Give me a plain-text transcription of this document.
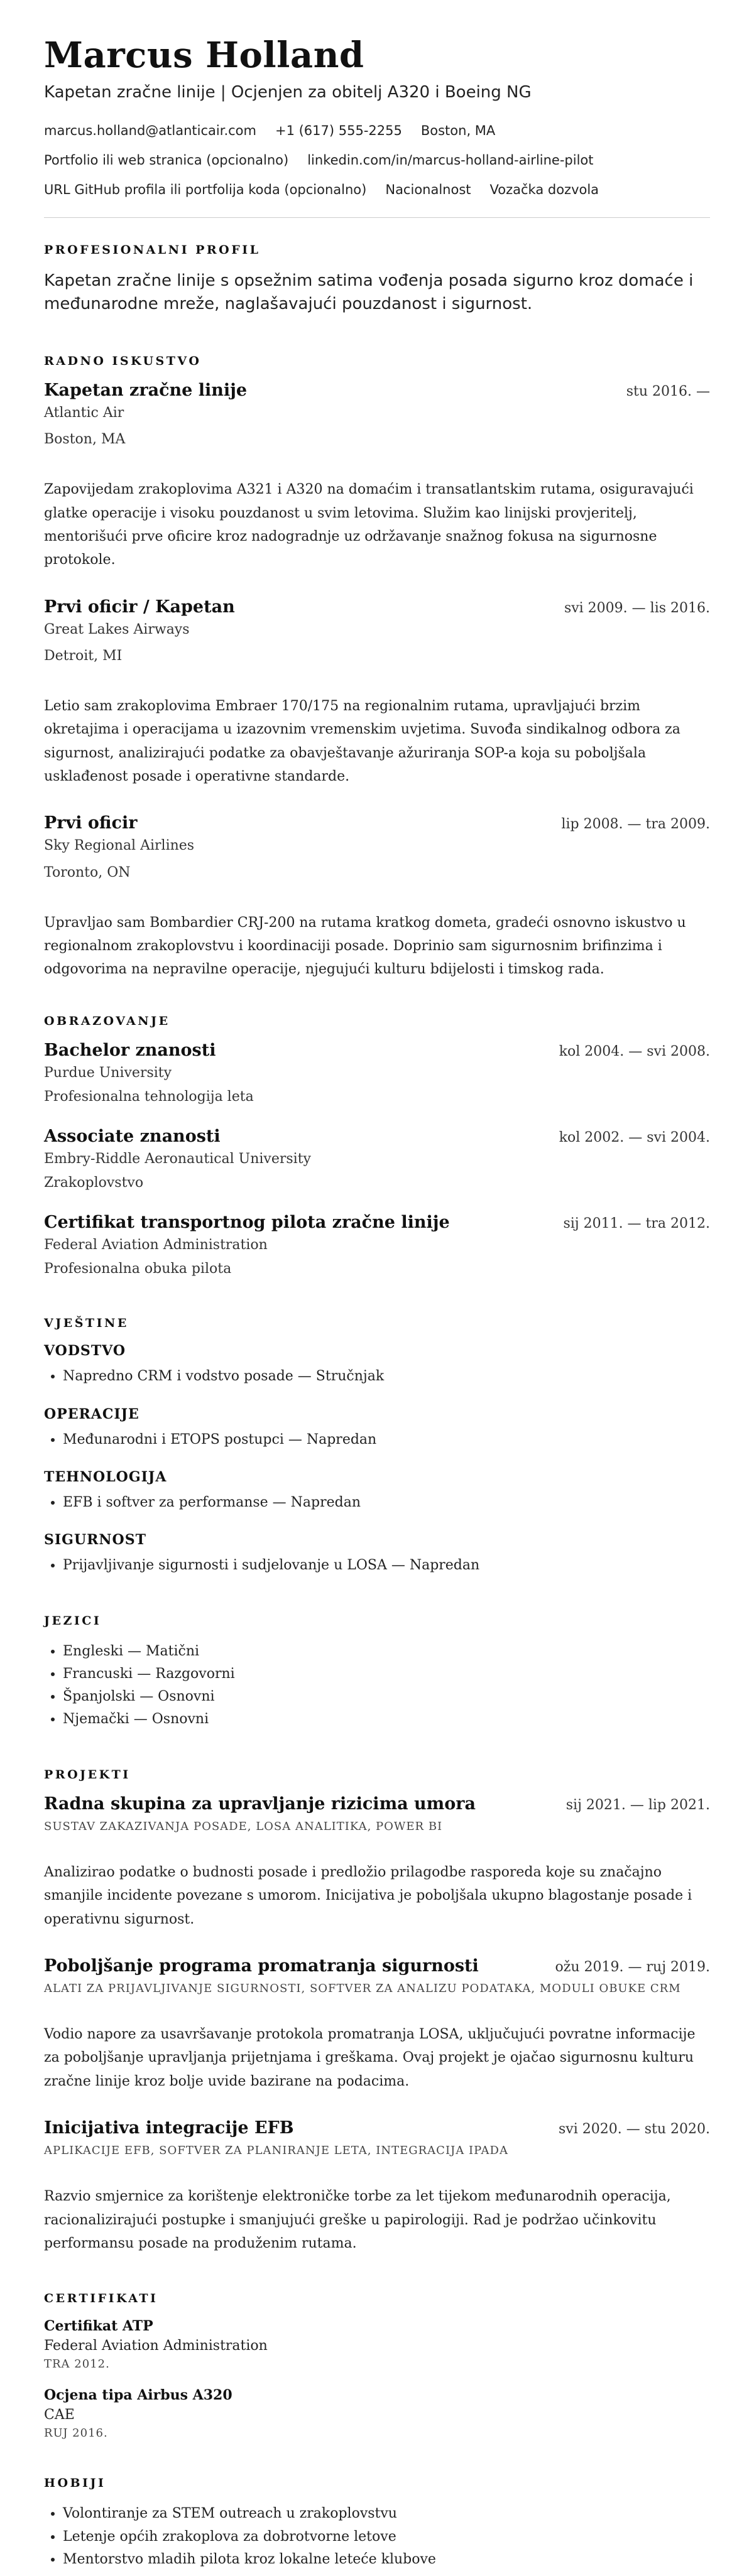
Marcus Holland
Kapetan zračne linije | Ocjenjen za obitelj A320 i Boeing NG
marcus.holland@atlanticair.com +1 (617) 555-2255 Boston, MA
Portfolio ili web stranica (opcionalno) linkedin.com/in/marcus-holland-airline-pilot
URL GitHub profila ili portfolija koda (opcionalno) Nacionalnost Vozačka dozvola
PROFESIONALNI PROFIL

Kapetan zračne linije s opsežnim satima vođenja posada sigurno kroz domaće i međunarodne mreže, naglašavajući pouzdanost i sigurnost.

RADNO ISKUSTVO
Kapetan zračne linije	stu 2016. —
Atlantic Air
Boston, MA

Zapovijedam zrakoplovima A321 i A320 na domaćim i transatlantskim rutama, osiguravajući glatke operacije i visoku pouzdanost u svim letovima. Služim kao linijski provjeritelj, mentorišući prve oficire kroz nadogradnje uz održavanje snažnog fokusa na sigurnosne protokole.

Prvi oficir / Kapetan	svi 2009. — lis 2016.
Great Lakes Airways
Detroit, MI

Letio sam zrakoplovima Embraer 170/175 na regionalnim rutama, upravljajući brzim okretajima i operacijama u izazovnim vremenskim uvjetima. Suvođa sindikalnog odbora za sigurnost, analizirajući podatke za obavještavanje ažuriranja SOP-a koja su poboljšala usklađenost posade i operativne standarde.

Prvi oficir	lip 2008. — tra 2009.
Sky Regional Airlines
Toronto, ON

Upravljao sam Bombardier CRJ-200 na rutama kratkog dometa, gradeći osnovno iskustvo u regionalnom zrakoplovstvu i koordinaciji posade. Doprinio sam sigurnosnim brifinzima i odgovorima na nepravilne operacije, njegujući kulturu bdijelosti i timskog rada.

OBRAZOVANJE
Bachelor znanosti	kol 2004. — svi 2008.
Purdue University
Profesionalna tehnologija leta
Associate znanosti	kol 2002. — svi 2004.
Embry-Riddle Aeronautical University
Zrakoplovstvo
Certifikat transportnog pilota zračne linije	sij 2011. — tra 2012.
Federal Aviation Administration
Profesionalna obuka pilota
VJEŠTINE
VODSTVO
• Napredno CRM i vodstvo posade — Stručnjak
OPERACIJE
• Međunarodni i ETOPS postupci — Napredan
TEHNOLOGIJA
• EFB i softver za performanse — Napredan
SIGURNOST
• Prijavljivanje sigurnosti i sudjelovanje u LOSA — Napredan
JEZICI
• Engleski — Matični
• Francuski — Razgovorni
• Španjolski — Osnovni
• Njemački — Osnovni
PROJEKTI
Radna skupina za upravljanje rizicima umora	sij 2021. — lip 2021.
SUSTAV ZAKAZIVANJA POSADE, LOSA ANALITIKA, POWER BI

Analizirao podatke o budnosti posade i predložio prilagodbe rasporeda koje su značajno smanjile incidente povezane s umorom. Inicijativa je poboljšala ukupno blagostanje posade i operativnu sigurnost.

Poboljšanje programa promatranja sigurnosti	ožu 2019. — ruj 2019.
ALATI ZA PRIJAVLJIVANJE SIGURNOSTI, SOFTVER ZA ANALIZU PODATAKA, MODULI OBUKE CRM

Vodio napore za usavršavanje protokola promatranja LOSA, uključujući povratne informacije za poboljšanje upravljanja prijetnjama i greškama. Ovaj projekt je ojačao sigurnosnu kulturu zračne linije kroz bolje uvide bazirane na podacima.

Inicijativa integracije EFB	svi 2020. — stu 2020.
APLIKACIJE EFB, SOFTVER ZA PLANIRANJE LETA, INTEGRACIJA IPADA

Razvio smjernice za korištenje elektroničke torbe za let tijekom međunarodnih operacija, racionalizirajući postupke i smanjujući greške u papirologiji. Rad je podržao učinkovitu performansu posade na produženim rutama.

CERTIFIKATI
Certifikat ATP
Federal Aviation Administration
TRA 2012.
Ocjena tipa Airbus A320
CAE
RUJ 2016.
HOBIJI
• Volontiranje za STEM outreach u zrakoplovstvu
• Letenje općih zrakoplova za dobrotvorne letove
• Mentorstvo mladih pilota kroz lokalne leteće klubove
